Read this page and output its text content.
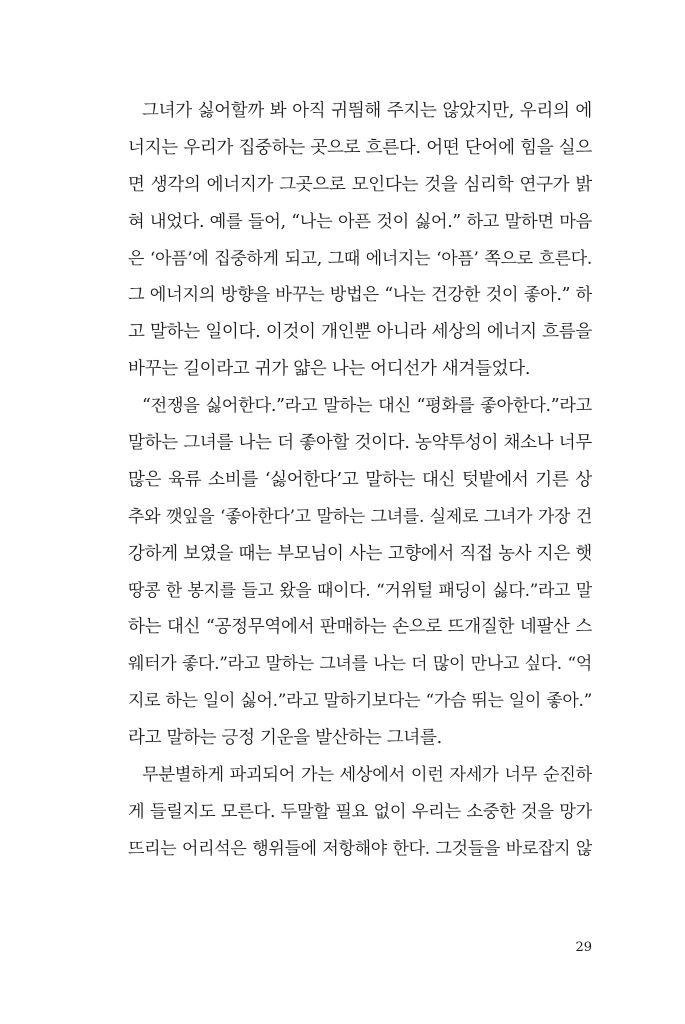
그녀가 싫어할까 봐 아직 귀띔해 주지는 않았지만, 우리의 에
너지는 우리가 집중하는 곳으로 흐른다. 어떤 단어에 힘을 실으
면 생각의 에너지가 그곳으로 모인다는 것을 심리학 연구가 밝
혀 내었다. 예를 들어, “나는 아픈 것이 싫어.” 하고 말하면 마음
은 ‘아픔’에 집중하게 되고, 그때 에너지는 ‘아픔’ 쪽으로 흐른다.
그 에너지의 방향을 바꾸는 방법은 “나는 건강한 것이 좋아.” 하
고 말하는 일이다. 이것이 개인뿐 아니라 세상의 에너지 흐름을
바꾸는 길이라고 귀가 얇은 나는 어디선가 새겨들었다.
“전쟁을 싫어한다.”라고 말하는 대신 “평화를 좋아한다.”라고
말하는 그녀를 나는 더 좋아할 것이다. 농약투성이 채소나 너무
많은 육류 소비를 ‘싫어한다’고 말하는 대신 텃밭에서 기른 상
추와 깻잎을 ‘좋아한다’고 말하는 그녀를. 실제로 그녀가 가장 건
강하게 보였을 때는 부모님이 사는 고향에서 직접 농사 지은 햇
땅콩 한 봉지를 들고 왔을 때이다. “거위털 패딩이 싫다.”라고 말
하는 대신 “공정무역에서 판매하는 손으로 뜨개질한 네팔산 스
웨터가 좋다.”라고 말하는 그녀를 나는 더 많이 만나고 싶다. “억
지로 하는 일이 싫어.”라고 말하기보다는 “가슴 뛰는 일이 좋아.”
라고 말하는 긍정 기운을 발산하는 그녀를.
무분별하게 파괴되어 가는 세상에서 이런 자세가 너무 순진하
게 들릴지도 모른다. 두말할 필요 없이 우리는 소중한 것을 망가
뜨리는 어리석은 행위들에 저항해야 한다. 그것들을 바로잡지 않
29
